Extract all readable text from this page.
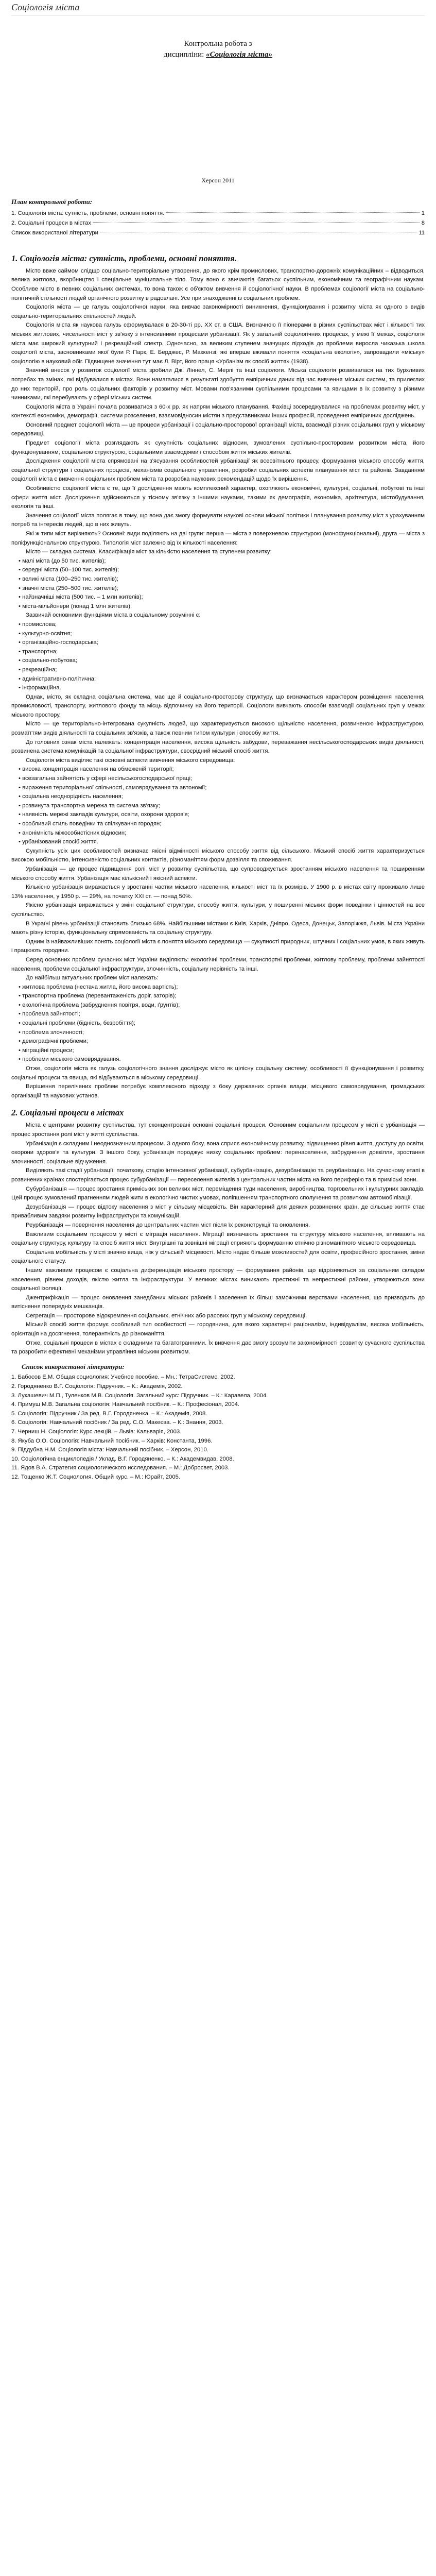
Соціологія міста
Контрольна робота з
дисципліни: «Соціологія міста»
Херсон 2011
План контрольної роботи:
1. Соціологія міста: сутність, проблеми, основні поняття.	1
2. Соціальні процеси в містах	8
Список використаної літератури	11
1. Соціологія міста: сутність, проблеми, основні поняття.

Місто ввже саймом слідщо соціально-територіальне утворення, до якого крім промислових, транспортно-дорожніх комунікаційних – відводиться, велика житлова, вкорбництво і спеціальне муніципальне тіло. Тому воно є звичаютів багатьох суспільним, економічним та географічним наукам. Особливе місто в певних соціальних системах, то вона також є об'єктом вивчення й соціологічної науки. В проблемах соціології міста на соціально-політичній стільності людей органічного розвитку в радовлані. Усе при знаходженні із соціальних проблем.

Соціологія міста — це галузь соціологічної науки, яка вивчає закономірності виникнення, функціонування і розвитку міста як одного з видів соціально-територіальних спільностей людей.

Соціологія міста як наукова галузь сформувалася в 20-30-ті рр. ХХ ст. в США. Визначною її піонерами в різних суспільствах міст і кількості тих міських житлових, чисельності міст у зв'язку з інтенсивними процесами урбанізації. Як у загальній соціологічних процесах, у межі її межах, соціологія міста має широкий культурний і рекреаційний спектр. Одночасно, за великим ступенем значущих підходів до проблеми виросла чиказька школа соціології міста, засновниками якої були Р. Парк, Е. Берджес, Р. Маккензі, які вперше вживали поняття «соціальна екологія», запровадили «міську» соціологію в науковий обіг. Підвищене значення тут має Л. Вірт, його праця «Урбанізм як спосіб життя» (1938).

Значний внесок у розвиток соціології міста зробили Дж. Ліннел, С. Мерлі та інші соціологи. Міська соціологія розвивалася на тих бурхливих потребах та змінах, які відбувалися в містах. Вони намагалися в результаті здобуття емпіричних даних під час вивчення міських систем, та прилеглих до них територій, про роль соціальних факторів у розвитку міст. Мовами пов'язаними суспільними процесами та явищами в їх розвитку з різними чинниками, які перебувають у сфері міських систем.

Соціологія міста в Україні почала розвиватися з 60-х рр. як напрям міського планування. Фахівці зосереджувалися на проблемах розвитку міст, у контексті економіки, демографії, системи розселення, взаємовідносин містян з представниками інших професій, проведення емпіричних досліджень.

Основний предмет соціології міста — це процеси урбанізації і соціально-просторової організації міста, взаємодії різних соціальних груп у міському середовищі.

Предмет соціології міста розглядають як сукупність соціальних відносин, зумовлених суспільно-просторовим розвитком міста, його функціонуванням, соціальною структурою, соціальними взаємодіями і способом життя міських жителів.

Дослідження соціології міста спрямовані на з'ясування особливостей урбанізації як всесвітнього процесу, формування міського способу життя, соціальної структури і соціальних процесів, механізмів соціального управління, розробки соціальних аспектів планування міст та районів. Завданням соціології міста є вивчення соціальних проблем міста та розробка наукових рекомендацій щодо їх вирішення.

Особливістю соціології міста є те, що її дослідження мають комплексний характер, охоплюють економічні, культурні, соціальні, побутові та інші сфери життя міст. Дослідження здійснюються у тісному зв'язку з іншими науками, такими як демографія, економіка, архітектура, містобудування, екологія та інші.

Значення соціології міста полягає в тому, що вона дає змогу формувати наукові основи міської політики і планування розвитку міст з урахуванням потреб та інтересів людей, що в них живуть.

Які ж типи міст вирізняють? Основні: види поділяють на дві групи: перша — міста з поверхневою структурою (монофункціональні), друга — міста з поліфункціональною структурою. Типологія міст залежно від їх кількості населення:

Місто — складна система. Класифікація міст за кількістю населення та ступенем розвитку:

• малі міста (до 50 тис. жителів);

• середні міста (50–100 тис. жителів);

• великі міста (100–250 тис. жителів);

• значні міста (250–500 тис. жителів);

• найзначніші міста (500 тис. – 1 млн жителів);

• міста-мільйонери (понад 1 млн жителів).

Зазвичай основними функціями міста в соціальному розумінні є:

• промислова;

• культурно-освітня;

• організаційно-господарська;

• транспортна;

• соціально-побутова;

• рекреаційна;

• адміністративно-політична;

• інформаційна.

Однак, місто, як складна соціальна система, має ще й соціально-просторову структуру, що визначається характером розміщення населення, промисловості, транспорту, житлового фонду та місць відпочинку на його території. Соціологи вивчають способи взаємодії соціальних груп у межах міського простору.

Місто — це територіально-інтегрована сукупність людей, що характеризується високою щільністю населення, розвиненою інфраструктурою, розмаїттям видів діяльності та соціальних зв'язків, а також певним типом культури і способу життя.

До головних ознак міста належать: концентрація населення, висока щільність забудови, переважання несільськогосподарських видів діяльності, розвинена система комунікацій та соціальної інфраструктури, своєрідний міський спосіб життя.

Соціологія міста виділяє такі основні аспекти вивчення міського середовища:

• висока концентрація населення на обмеженій території;

• всезагальна зайнятість у сфері несільськогосподарської праці;

• вираження територіальної спільності, самоврядування та автономії;

• соціальна неоднорідність населення;

• розвинута транспортна мережа та система зв'язку;

• наявність мережі закладів культури, освіти, охорони здоров'я;

• особливий стиль поведінки та спілкування городян;

• анонімність міжособистісних відносин;

• урбанізований спосіб життя.

Сукупність усіх цих особливостей визначає якісні відмінності міського способу життя від сільського. Міський спосіб життя характеризується високою мобільністю, інтенсивністю соціальних контактів, різноманіттям форм дозвілля та споживання.

Урбанізація — це процес підвищення ролі міст у розвитку суспільства, що супроводжується зростанням міського населення та поширенням міського способу життя. Урбанізація має кількісний і якісний аспекти.

Кількісно урбанізація виражається у зростанні частки міського населення, кількості міст та їх розмірів. У 1900 р. в містах світу проживало лише 13% населення, у 1950 р. — 29%, на початку ХХІ ст. — понад 50%.

Якісно урбанізація виражається у зміні соціальної структури, способу життя, культури, у поширенні міських форм поведінки і цінностей на все суспільство.

В Україні рівень урбанізації становить близько 68%. Найбільшими містами є Київ, Харків, Дніпро, Одеса, Донецьк, Запоріжжя, Львів. Міста України мають різну історію, функціональну спрямованість та соціальну структуру.

Одним із найважливіших понять соціології міста є поняття міського середовища — сукупності природних, штучних і соціальних умов, в яких живуть і працюють городяни.

Серед основних проблем сучасних міст України виділяють: екологічні проблеми, транспортні проблеми, житлову проблему, проблеми зайнятості населення, проблеми соціальної інфраструктури, злочинність, соціальну нерівність та інші.

До найбільш актуальних проблем міст належать:

• житлова проблема (нестача житла, його висока вартість);

• транспортна проблема (перевантаженість доріг, заторів);

• екологічна проблема (забруднення повітря, води, ґрунтів);

• проблема зайнятості;

• соціальні проблеми (бідність, безробіття);

• проблема злочинності;

• демографічні проблеми;

• міграційні процеси;

• проблеми міського самоврядування.

Отже, соціологія міста як галузь соціологічного знання досліджує місто як цілісну соціальну систему, особливості її функціонування і розвитку, соціальні процеси та явища, які відбуваються в міському середовищі.

Вирішення перелічених проблем потребує комплексного підходу з боку державних органів влади, місцевого самоврядування, громадських організацій та наукових установ.

2. Соціальні процеси в містах

Міста є центрами розвитку суспільства, тут сконцентровані основні соціальні процеси. Основним соціальним процесом у місті є урбанізація — процес зростання ролі міст у житті суспільства.

Урбанізація є складним і неоднозначним процесом. З одного боку, вона сприяє економічному розвитку, підвищенню рівня життя, доступу до освіти, охорони здоров'я та культури. З іншого боку, урбанізація породжує низку соціальних проблем: перенаселення, забруднення довкілля, зростання злочинності, соціальне відчуження.

Виділяють такі стадії урбанізації: початкову, стадію інтенсивної урбанізації, субурбанізацію, дезурбанізацію та реурбанізацію. На сучасному етапі в розвинених країнах спостерігається процес субурбанізації — переселення жителів з центральних частин міста на його периферію та в приміські зони.

Субурбанізація — процес зростання приміських зон великих міст, переміщення туди населення, виробництва, торговельних і культурних закладів. Цей процес зумовлений прагненням людей жити в екологічно чистих умовах, поліпшенням транспортного сполучення та розвитком автомобілізації.

Дезурбанізація — процес відтоку населення з міст у сільську місцевість. Він характерний для деяких розвинених країн, де сільське життя стає привабливим завдяки розвитку інфраструктури та комунікацій.

Реурбанізація — повернення населення до центральних частин міст після їх реконструкції та оновлення.

Важливим соціальним процесом у місті є міграція населення. Міграції визначають зростання та структуру міського населення, впливають на соціальну структуру, культуру та спосіб життя міст. Внутрішні та зовнішні міграції сприяють формуванню етнічно різноманітного міського середовища.

Соціальна мобільність у місті значно вища, ніж у сільській місцевості. Місто надає більше можливостей для освіти, професійного зростання, зміни соціального статусу.

Іншим важливим процесом є соціальна диференціація міського простору — формування районів, що відрізняються за соціальним складом населення, рівнем доходів, якістю житла та інфраструктури. У великих містах виникають престижні та непрестижні райони, утворюються зони соціальної ізоляції.

Джентрифікація — процес оновлення занедбаних міських районів і заселення їх більш заможними верствами населення, що призводить до витіснення попередніх мешканців.

Сегрегація — просторове відокремлення соціальних, етнічних або расових груп у міському середовищі.

Міський спосіб життя формує особливий тип особистості — городянина, для якого характерні раціоналізм, індивідуалізм, висока мобільність, орієнтація на досягнення, толерантність до різноманіття.

Отже, соціальні процеси в містах є складними та багатогранними. Їх вивчення дає змогу зрозуміти закономірності розвитку сучасного суспільства та розробити ефективні механізми управління міським розвитком.

Список використаної літератури:

1. Бабосов Е.М. Общая социология: Учебное пособие. – Мн.: ТетраСистемс, 2002.

2. Городяненко В.Г. Соціологія: Підручник. – К.: Академія, 2002.

3. Лукашевич М.П., Туленков М.В. Соціологія. Загальний курс: Підручник. – К.: Каравела, 2004.

4. Примуш М.В. Загальна соціологія: Навчальний посібник. – К.: Професіонал, 2004.

5. Соціологія: Підручник / За ред. В.Г. Городяненка. – К.: Академія, 2008.

6. Соціологія: Навчальний посібник / За ред. С.О. Макеєва. – К.: Знання, 2003.

7. Черниш Н. Соціологія: Курс лекцій. – Львів: Кальварія, 2003.

8. Якуба О.О. Соціологія: Навчальний посібник. – Харків: Константа, 1996.

9. Піддубна Н.М. Соціологія міста: Навчальний посібник. – Херсон, 2010.

10. Соціологічна енциклопедія / Уклад. В.Г. Городяненко. – К.: Академвидав, 2008.

11. Ядов В.А. Стратегия социологического исследования. – М.: Добросвет, 2003.

12. Тощенко Ж.Т. Социология. Общий курс. – М.: Юрайт, 2005.
